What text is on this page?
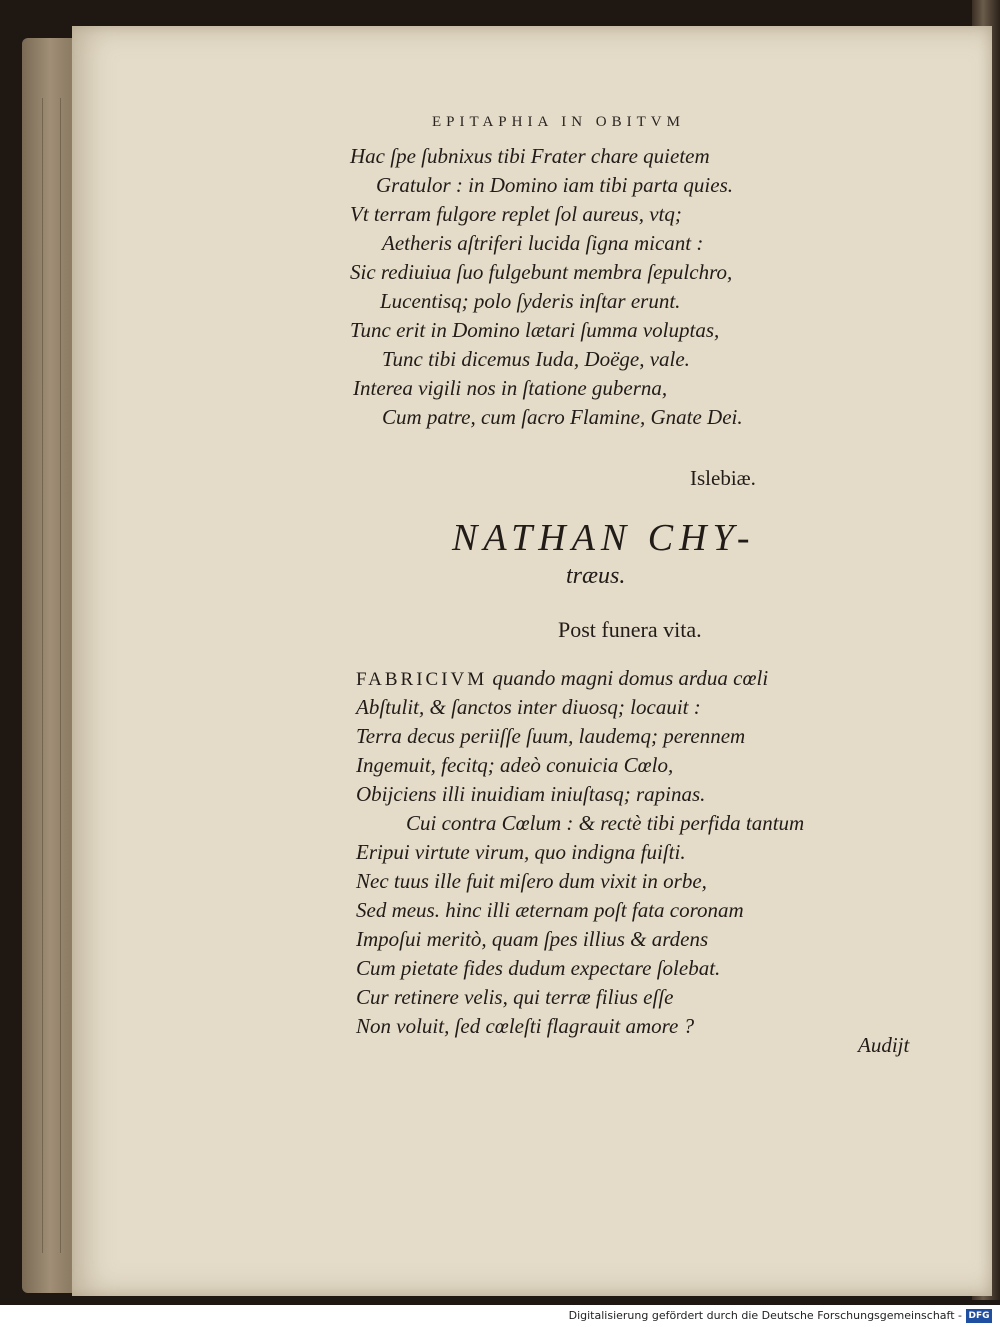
EPITAPHIA IN OBITVM
Hac ſpe ſubnixus tibi Frater chare quietem
Gratulor : in Domino iam tibi parta quies.
Vt terram fulgore replet ſol aureus, vtq;
Aetheris aſtriferi lucida ſigna micant :
Sic rediuiua ſuo fulgebunt membra ſepulchro,
Lucentisq; polo ſyderis inſtar erunt.
Tunc erit in Domino lætari ſumma voluptas,
Tunc tibi dicemus Iuda, Doëge, vale.
Interea vigili nos in ſtatione guberna,
Cum patre, cum ſacro Flamine, Gnate Dei.
Islebiæ.
NATHAN CHY-
træus.
Post funera vita.
FABRICIVM quando magni domus ardua cœli
Abſtulit, & ſanctos inter diuosq; locauit :
Terra decus periiſſe ſuum, laudemq; perennem
Ingemuit, fecitq; adeò conuicia Cœlo,
Obijciens illi inuidiam iniuſtasq; rapinas.
Cui contra Cœlum : & rectè tibi perfida tantum
Eripui virtute virum, quo indigna fuiſti.
Nec tuus ille fuit miſero dum vixit in orbe,
Sed meus. hinc illi æternam poſt fata coronam
Impoſui meritò, quam ſpes illius & ardens
Cum pietate fides dudum expectare ſolebat.
Cur retinere velis, qui terræ filius eſſe
Non voluit, ſed cœleſti flagrauit amore ?
Audijt
Digitalisierung gefördert durch die Deutsche Forschungsgemeinschaft - DFG
